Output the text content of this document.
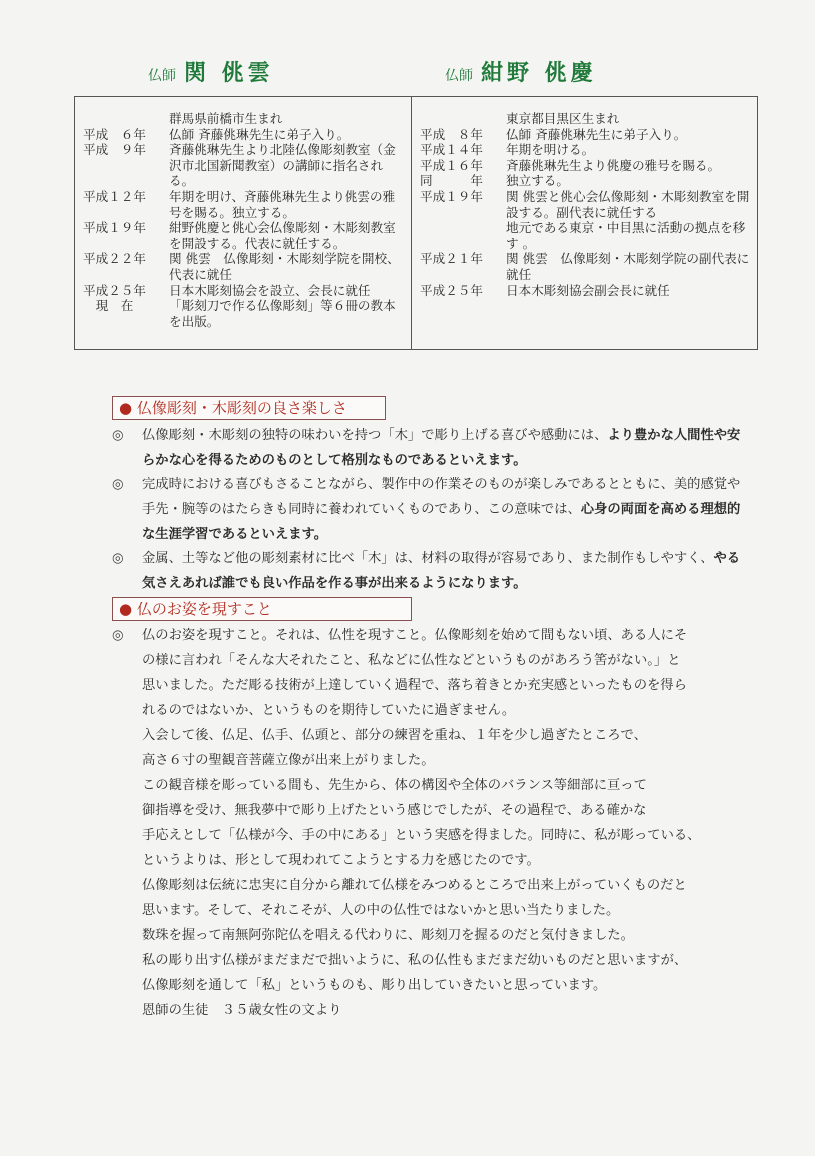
仏師 関 佻雲	仏師 紺野 佻慶
群馬県前橋市生まれ
平成　６年	仏師 斉藤佻琳先生に弟子入り。
平成　９年	斉藤佻琳先生より北陸仏像彫刻教室（金沢市北国新聞教室）の講師に指名される。
平成１２年	年期を明け、斉藤佻琳先生より佻雲の雅号を賜る。独立する。
平成１９年	紺野佻慶と佻心会仏像彫刻・木彫刻教室を開設する。代表に就任する。
平成２２年	関 佻雲　仏像彫刻・木彫刻学院を開校、代表に就任
平成２５年	日本木彫刻協会を設立、会長に就任
　現　在	「彫刻刀で作る仏像彫刻」等６冊の教本を出版。
東京都目黒区生まれ
平成　８年	仏師 斉藤佻琳先生に弟子入り。
平成１４年	年期を明ける。
平成１６年	斉藤佻琳先生より佻慶の雅号を賜る。
同　　　年	独立する。
平成１９年	関 佻雲と佻心会仏像彫刻・木彫刻教室を開設する。副代表に就任する
地元である東京・中目黒に活動の拠点を移す 。
平成２１年	関 佻雲　仏像彫刻・木彫刻学院の副代表に就任
平成２５年	日本木彫刻協会副会長に就任
● 仏像彫刻・木彫刻の良さ楽しさ
◎	仏像彫刻・木彫刻の独特の味わいを持つ「木」で彫り上げる喜びや感動には、より豊かな人間性や安らかな心を得るためのものとして格別なものであるといえます。
◎	完成時における喜びもさることながら、製作中の作業そのものが楽しみであるとともに、美的感覚や手先・腕等のはたらきも同時に養われていくものであり、この意味では、心身の両面を高める理想的な生涯学習であるといえます。
◎	金属、土等など他の彫刻素材に比べ「木」は、材料の取得が容易であり、また制作もしやすく、やる気さえあれば誰でも良い作品を作る事が出来るようになります。
● 仏のお姿を現すこと
◎	仏のお姿を現すこと。それは、仏性を現すこと。仏像彫刻を始めて間もない頃、ある人にそ
の様に言われ「そんな大それたこと、私などに仏性などというものがあろう筈がない。」と
思いました。ただ彫る技術が上達していく過程で、落ち着きとか充実感といったものを得ら
れるのではないか、というものを期待していたに過ぎません。
入会して後、仏足、仏手、仏頭と、部分の練習を重ね、１年を少し過ぎたところで、
高さ６寸の聖観音菩薩立像が出来上がりました。
この観音様を彫っている間も、先生から、体の構図や全体のバランス等細部に亘って
御指導を受け、無我夢中で彫り上げたという感じでしたが、その過程で、ある確かな
手応えとして「仏様が今、手の中にある」という実感を得ました。同時に、私が彫っている、
というよりは、形として現われてこようとする力を感じたのです。
仏像彫刻は伝統に忠実に自分から離れて仏様をみつめるところで出来上がっていくものだと
思います。そして、それこそが、人の中の仏性ではないかと思い当たりました。
数珠を握って南無阿弥陀仏を唱える代わりに、彫刻刀を握るのだと気付きました。
私の彫り出す仏様がまだまだで拙いように、私の仏性もまだまだ幼いものだと思いますが、
仏像彫刻を通して「私」というものも、彫り出していきたいと思っています。
恩師の生徒　３５歳女性の文より
